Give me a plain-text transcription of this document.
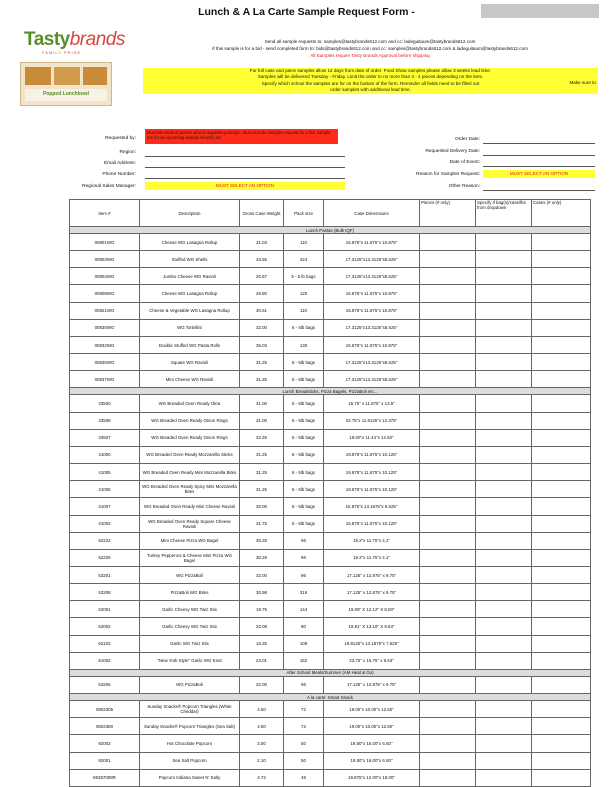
Lunch & A La Carte Sample Request Form -
Tastybrands
FAMILY PRIDE
Popped Lunchbowl
Send all sample requests to: samples@tastybrands612.com and cc: ladeguitaum@tastybrands612.com
If this sample is for a bid - send completed form to: bids@tastybrands612.com and cc: samples@tastybrands612.com & ladeguitaum@tastybrands612.com
All Samples require Tasty Brands Approval before shipping
For full case and piece samples allow 14 days from date of order. Food Show samples please allow 3 weeks lead time.
Samples will be delivered Tuesday - Friday. Limit the order to no more than 3 - 4 pieces depending on the item.
Specify which school the samples are for on the bottom of the form. Reminder all fields need to be filled out
order samples with additional lead time.
Make sure to
Requested by:
Must list email of person who is requesting sample. Must include samples request for a bid, sample are for an upcoming sample show(s) etc
Region:
Email Address:
Phone Number:
Regional Sales Manager:	MUST SELECT AN OPTION
Order Date:
Requested Delivery Date:
Date of Event:
Reason for Samples Request:	MUST SELECT AN OPTION
Other Reason:
Item #	Description	Gross Case Weight	Pack size	Case Dimensions	Pieces (# only)	Specify if bag(s)/case/lbs from dropdown	Cases (# only)
Lunch Pastas (Bulk IQF)							
00801WG	Cheese WG Lasagna Rollup	31.03	110	15.875"x 11.875"x 10.875"			
00803WG	Stuffed WG Shells	33.55	224	17.3125"x13.3125"x8.625"			
00804WG	Jumbo Cheese WG Ravioli	20.67	5 - 5 lb bags	17.3125"x13.3125"x8.625"			
00808WG	Cheese WG Lasagna Rollup	28.80	120	15.875"x 11.875"x 10.875"			
00821WG	Cheese & Vegetable WG Lasagna Rollup	30.51	110	15.875"x 11.875"x 10.875"			
00830WG	WG Tortellini	32.00	6 - 5lb bags	17.3125"x13.3125"x8.625"			
00832WG	Double Stuffed WG Pasta Rolls	36.03	130	15.875"x 11.875"x 10.875"			
00835WG	Square WG Ravioli	31.25	6 - 5lb bags	17.3125"x13.3125"x8.625"			
00837WG	Mini Cheese WG Ravioli	31.25	5 - 5lb bags	17.3125"x13.3125"x8.625"			
Lunch Breadsticks, Pizza Bagels, PizzaBoli etc...							
33500	WG Breaded Oven Ready Okra	31.00	6 - 5lb bags	15.75" x 11.875" x 13.5"			
33508	WG Breaded Oven Ready Onion Rings	31.00	6 - 5lb bags	22.75"x 11.8125"x 12.375"			
33507	WG Breaded Oven Ready Onion Rings	32.25	6 - 5lb bags	19.00"x 11.44"x 12.50"			
41000	WG Breaded Oven Ready Mozzarella Sticks	31.25	6 - 5lb bags	19.875"x 11.875"x 10.125"			
41005	WG Breaded Oven Ready Mini Mozzarella Bites	31.25	6 - 5lb bags	19.875"x 11.875"x 10.125"			
41006	WG Breaded Oven Ready Spicy Mini Mozzarella Bites	31.25	6 - 5lb bags	19.875"x 11.875"x 10.125"			
41007	WG Breaded Oven Ready Mini Cheese Ravioli	30.00	6 - 5lb bags	15.875"x 13.1875"x 9.625"			
41002	WG Breaded Oven Ready Square Cheese Ravioli	31.75	6 - 5lb bags	15.875"x 11.875"x 10.125"			
52222	Mini Cheese Pizza WG Bagel	30.28	96	19.2"x 11.75"x 4.1"			
52225	Turkey Pepperoni & Cheese Mini Pizza WG Bagel	30.28	96	19.2"x 11.75"x 4.1"			
53201	WG PizzaBoli	32.00	96	17.125" x 12.875" x 9.75"			
53208	PizzaBoli WG Bites	30.98	316	17.125" x 12.875" x 9.75"			
62001	Garlic Cheesy WG Twiz Stix	19.75	144	19.08" X 12.12" X 8.00"			
62002	Garlic Cheesy WG Twiz Stix	20.08	90	18.81" X 13.18" X 9.63"			
62102	Garlic WG Twiz Stix	15.25	108	19.8125"x 13.1875"x 7.625"			
81002	"New York Style" Garlic WG Knot	23.01	162	23.75" x 15.75" x 9.63"			
After School Meals/Summer (AM Heat & Go)							
53206	WG PizzaBoli	32.00	96	17.125" x 12.875" x 9.75"			
A la carte: Smart Snack							
0802305	Sunday Snacks® Popcorn Triangles (White Cheddar)	4.50	72	19.00"x 10.00"x 12.50"			
0802380	Sunday Snacks® Popcorn Triangles (Sea Salt)	4.50	72	19.00"x 10.00"x 12.50"			
92002	Hot Chocolate Popcorn	3.00	50	19.50"x 16.00"x 6.50"			
92001	Sea Salt Popcorn	2.10	50	19.50"x 16.00"x 6.50"			
86357008R	Popcorn Indiana Sweet N' Salty	4.72	48	19.875"x 12.00"x 18.00"			
